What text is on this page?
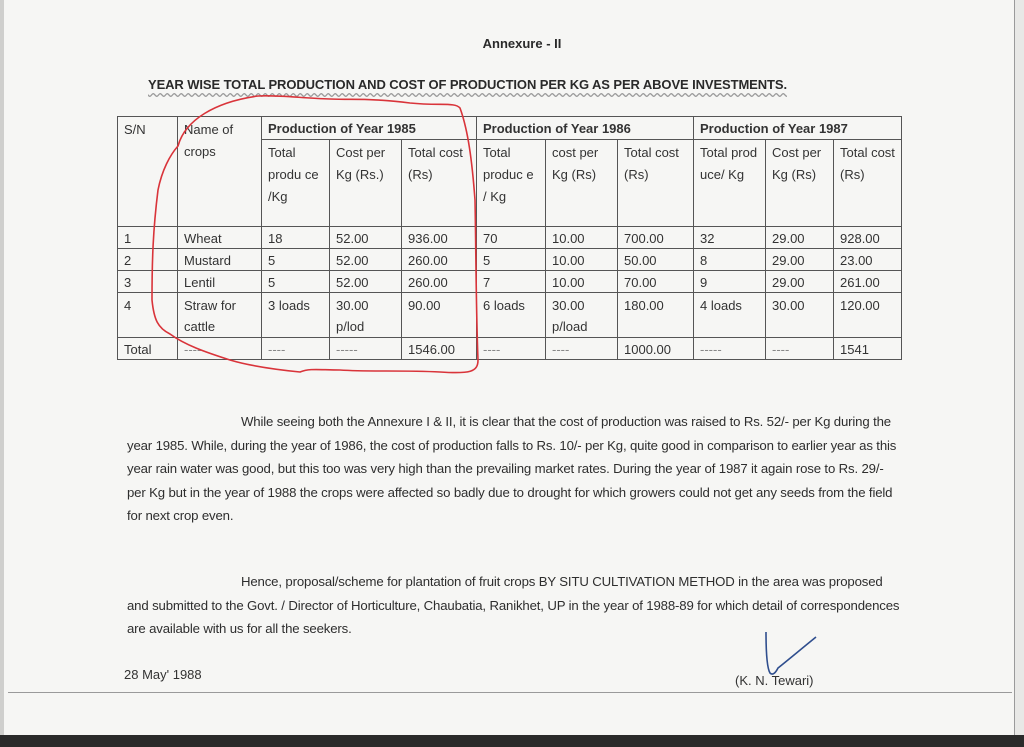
Annexure - II
YEAR WISE TOTAL PRODUCTION AND COST OF PRODUCTION PER KG AS PER ABOVE INVESTMENTS.
S/N	Name of crops	Production of Year 1985			Production of Year 1986			Production of Year 1987		
		Total produ ce /Kg	Cost per Kg (Rs.)	Total cost (Rs)	Total produc e / Kg	cost per Kg (Rs)	Total cost (Rs)	Total prod uce/ Kg	Cost per Kg (Rs)	Total cost (Rs)
1	Wheat	18	52.00	936.00	70	10.00	700.00	32	29.00	928.00
2	Mustard	5	52.00	260.00	5	10.00	50.00	8	29.00	23.00
3	Lentil	5	52.00	260.00	7	10.00	70.00	9	29.00	261.00
4	Straw for cattle	3 loads	30.00 p/lod	90.00	6 loads	30.00 p/load	180.00	4 loads	30.00	120.00
Total	----	----	-----	1546.00	----	----	1000.00	-----	----	1541
While seeing both the Annexure I & II, it is clear that the cost of production was raised to Rs. 52/- per Kg during the year 1985. While, during the year of 1986, the cost of production falls to Rs. 10/- per Kg, quite good in comparison to earlier year as this year rain water was good, but this too was very high than the prevailing market rates. During the year of 1987 it again rose to Rs. 29/- per Kg but in the year of 1988 the crops were affected so badly due to drought for which growers could not get any seeds from the field for next crop even.
Hence, proposal/scheme for plantation of fruit crops BY SITU CULTIVATION METHOD in the area was proposed and submitted to the Govt. / Director of Horticulture, Chaubatia, Ranikhet, UP in the year of 1988-89 for which detail of correspondences are available with us for all the seekers.
28 May' 1988	(K. N. Tewari)
